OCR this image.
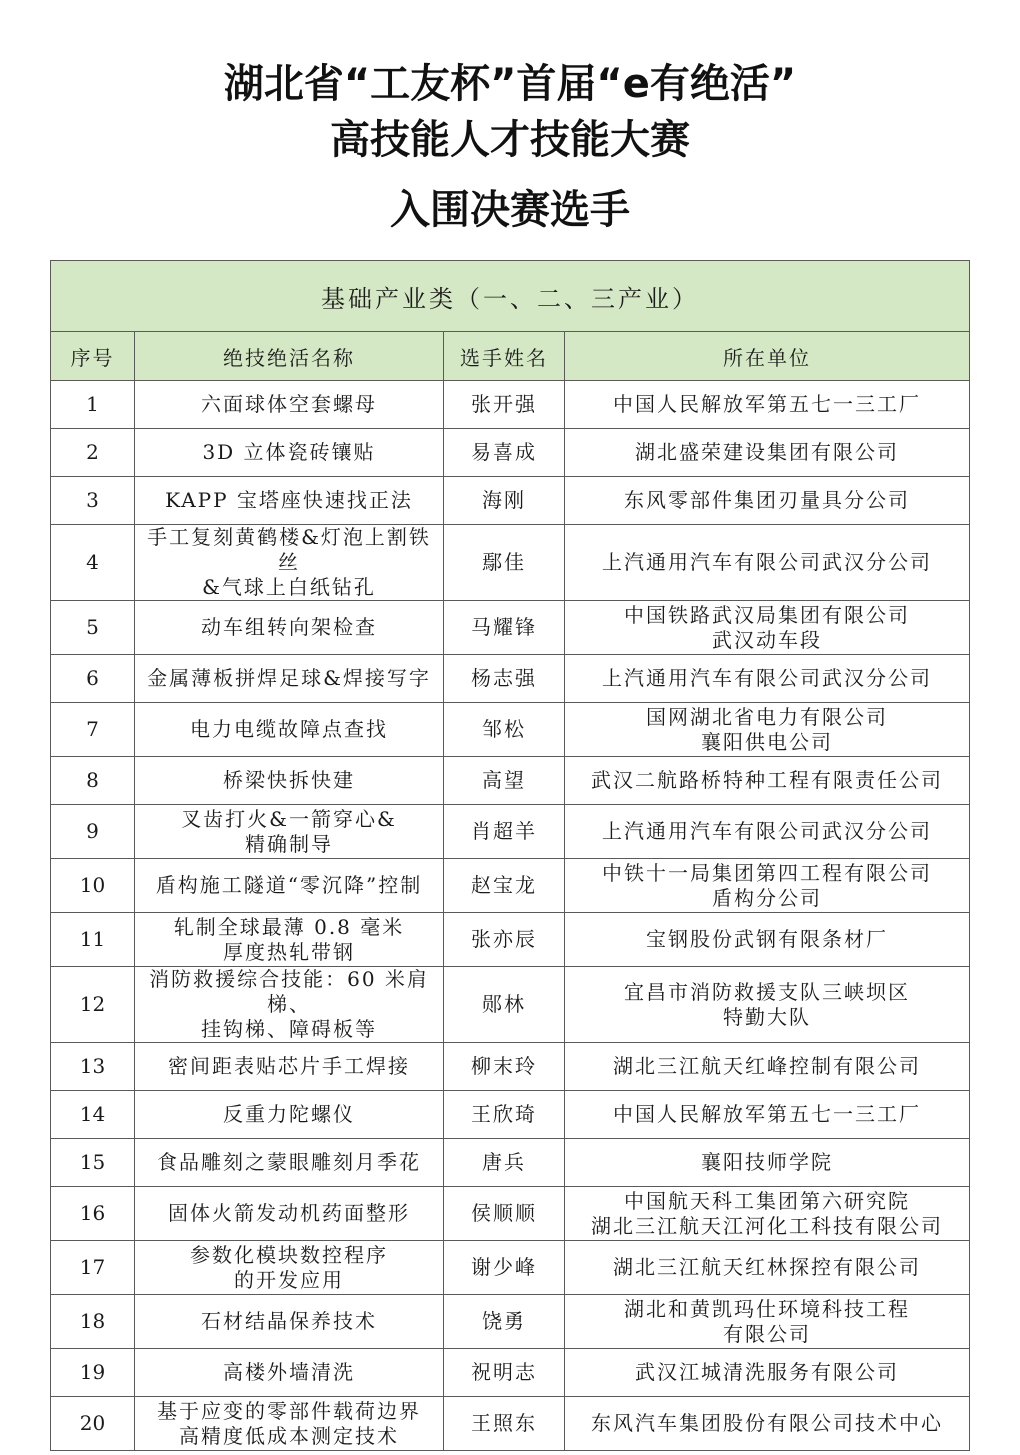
湖北省“工友杯”首届“e有绝活”
高技能人才技能大赛
入围决赛选手
基础产业类（一、二、三产业）			
序号	绝技绝活名称	选手姓名	所在单位
1	六面球体空套螺母	张开强	中国人民解放军第五七一三工厂

2	3D 立体瓷砖镶贴	易喜成	湖北盛荣建设集团有限公司

3	KAPP 宝塔座快速找正法	海刚	东风零部件集团刃量具分公司

4	手工复刻黄鹤楼&灯泡上割铁丝
&气球上白纸钻孔	鄢佳	上汽通用汽车有限公司武汉分公司

5	动车组转向架检查	马耀锋	中国铁路武汉局集团有限公司
武汉动车段

6	金属薄板拼焊足球&焊接写字	杨志强	上汽通用汽车有限公司武汉分公司

7	电力电缆故障点查找	邹松	国网湖北省电力有限公司
襄阳供电公司

8	桥梁快拆快建	高望	武汉二航路桥特种工程有限责任公司

9	叉齿打火&一箭穿心&
精确制导	肖超羊	上汽通用汽车有限公司武汉分公司

10	盾构施工隧道“零沉降”控制	赵宝龙	中铁十一局集团第四工程有限公司
盾构分公司

11	轧制全球最薄 0.8 毫米
厚度热轧带钢	张亦辰	宝钢股份武钢有限条材厂

12	消防救援综合技能：60 米肩梯、
挂钩梯、障碍板等	郧林	宜昌市消防救援支队三峡坝区
特勤大队

13	密间距表贴芯片手工焊接	柳末玲	湖北三江航天红峰控制有限公司

14	反重力陀螺仪	王欣琦	中国人民解放军第五七一三工厂

15	食品雕刻之蒙眼雕刻月季花	唐兵	襄阳技师学院

16	固体火箭发动机药面整形	侯顺顺	中国航天科工集团第六研究院
湖北三江航天江河化工科技有限公司

17	参数化模块数控程序
的开发应用	谢少峰	湖北三江航天红林探控有限公司

18	石材结晶保养技术	饶勇	湖北和黄凯玛仕环境科技工程
有限公司

19	高楼外墙清洗	祝明志	武汉江城清洗服务有限公司

20	基于应变的零部件载荷边界
高精度低成本测定技术	王照东	东风汽车集团股份有限公司技术中心
